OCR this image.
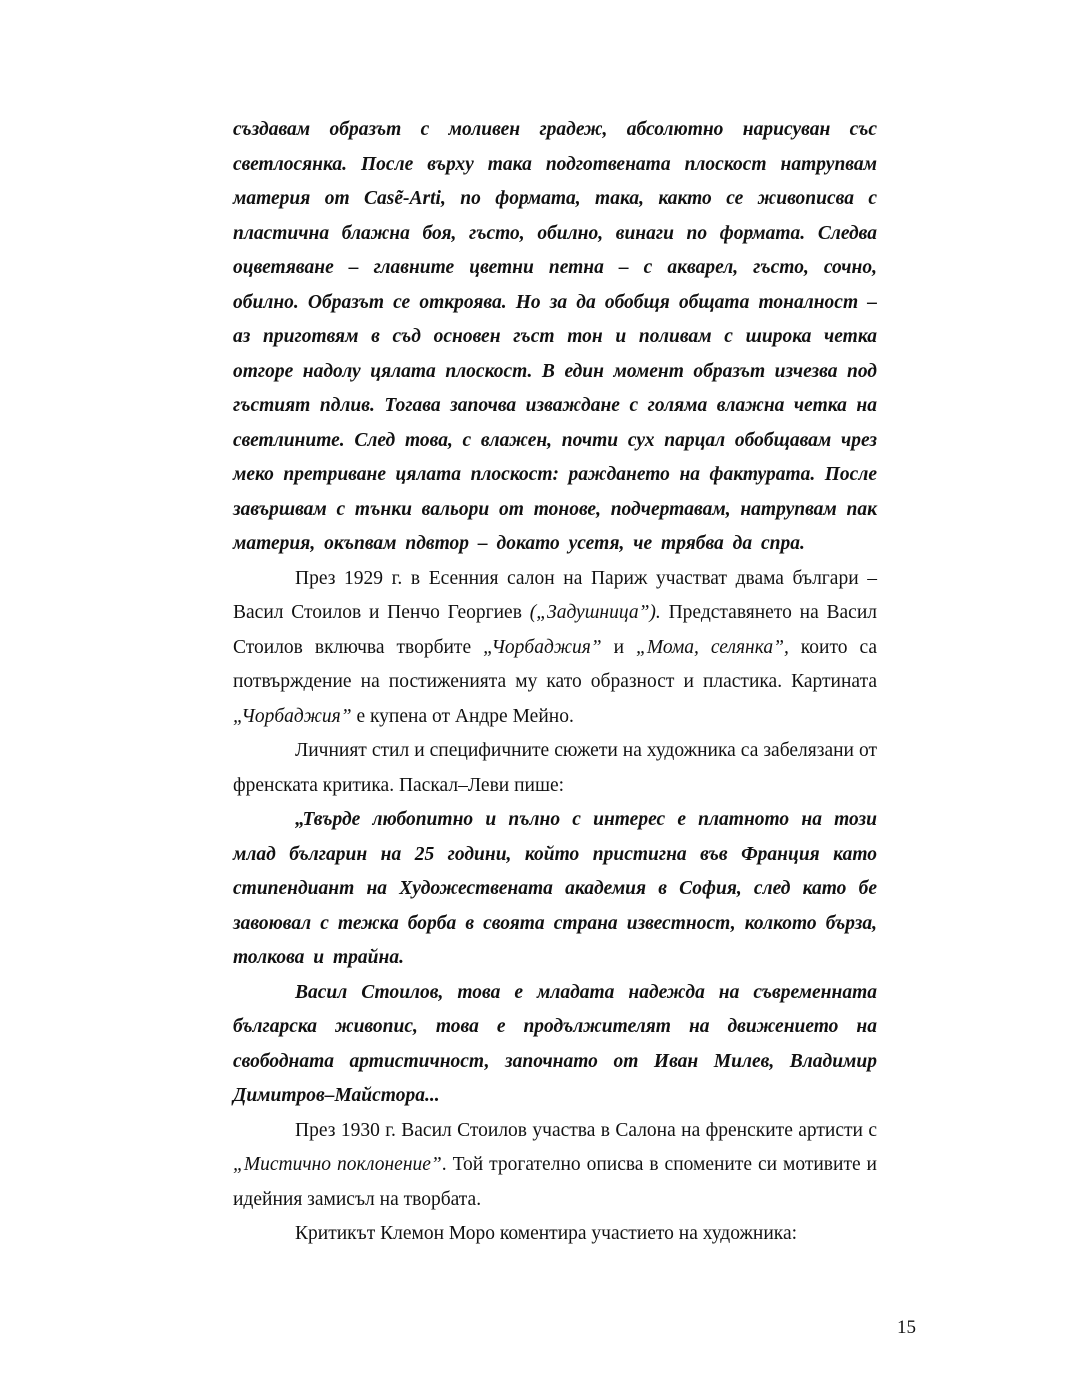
създавам образът с моливен градеж, абсолютно нарисуван със светлосянка. После върху така подготвената плоскост натрупвам материя от Casẽ-Arti, по формата, така, както се живописва с пластична блажна боя, гъсто, обилно, винаги по формата. Следва оцветяване – главните цветни петна – с акварел, гъсто, сочно, обилно. Образът се откроява. Но за да обобщя общата тоналност – аз приготвям в съд основен гъст тон и поливам с широка четка отгоре надолу цялата плоскост. В един момент образът изчезва под гъстият пдлив. Тогава започва изваждане с голяма влажна четка на светлините. След това, с влажен, почти сух парцал обобщавам чрез меко претриване цялата плоскост: раждането на фактурата. После завършвам с тънки вальори от тонове, подчертавам, натрупвам пак материя, окъпвам пдвтор – докато усетя, че трябва да спра.

През 1929 г. в Есенния салон на Париж участват двама българи – Васил Стоилов и Пенчо Георгиев („Задушница”). Представянето на Васил Стоилов включва творбите „Чорбаджия” и „Мома, селянка”, които са потвърждение на постиженията му като образност и пластика. Картината „Чорбаджия” е купена от Андре Мейно.

Личният стил и специфичните сюжети на художника са забелязани от френската критика. Паскал–Леви пише:

„Твърде любопитно и пълно с интерес е платното на този млад българин на 25 години, който пристигна във Франция като стипендиант на Художествената академия в София, след като бе завоювал с тежка борба в своята страна известност, колкото бърза, толкова и трайна.

Васил Стоилов, това е младата надежда на съвременната българска живопис, това е продължителят на движението на свободната артистичност, започнато от Иван Милев, Владимир Димитров–Майстора...

През 1930 г. Васил Стоилов участва в Салона на френските артисти с „Мистично поклонение”. Той трогателно описва в спомените си мотивите и идейния замисъл на творбата.

Критикът Клемон Моро коментира участието на художника:

15
